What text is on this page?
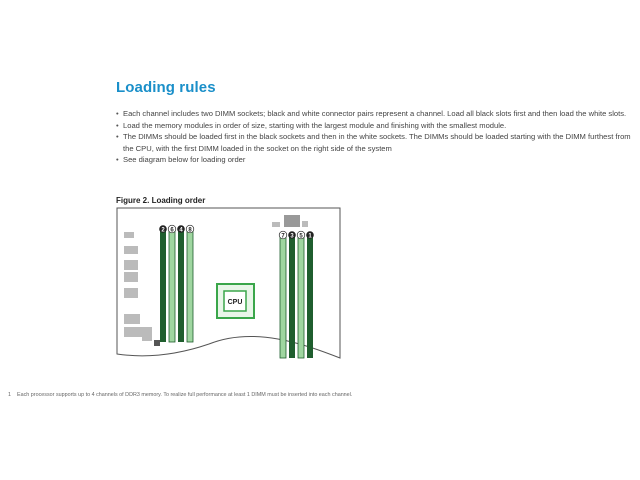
Loading rules
• Each channel includes two DIMM sockets; black and white connector pairs represent a channel. Load all black slots first and then load the white slots.
• Load the memory modules in order of size, starting with the largest module and finishing with the smallest module.
• The DIMMs should be loaded first in the black sockets and then in the white sockets. The DIMMs should be loaded starting with the DIMM furthest from the CPU, with the first DIMM loaded in the socket on the right side of the system
• See diagram below for loading order
Figure 2. Loading order
2 6 4 8
CPU
7 3 5 1
1 Each processor supports up to 4 channels of DDR3 memory. To realize full performance at least 1 DIMM must be inserted into each channel.
